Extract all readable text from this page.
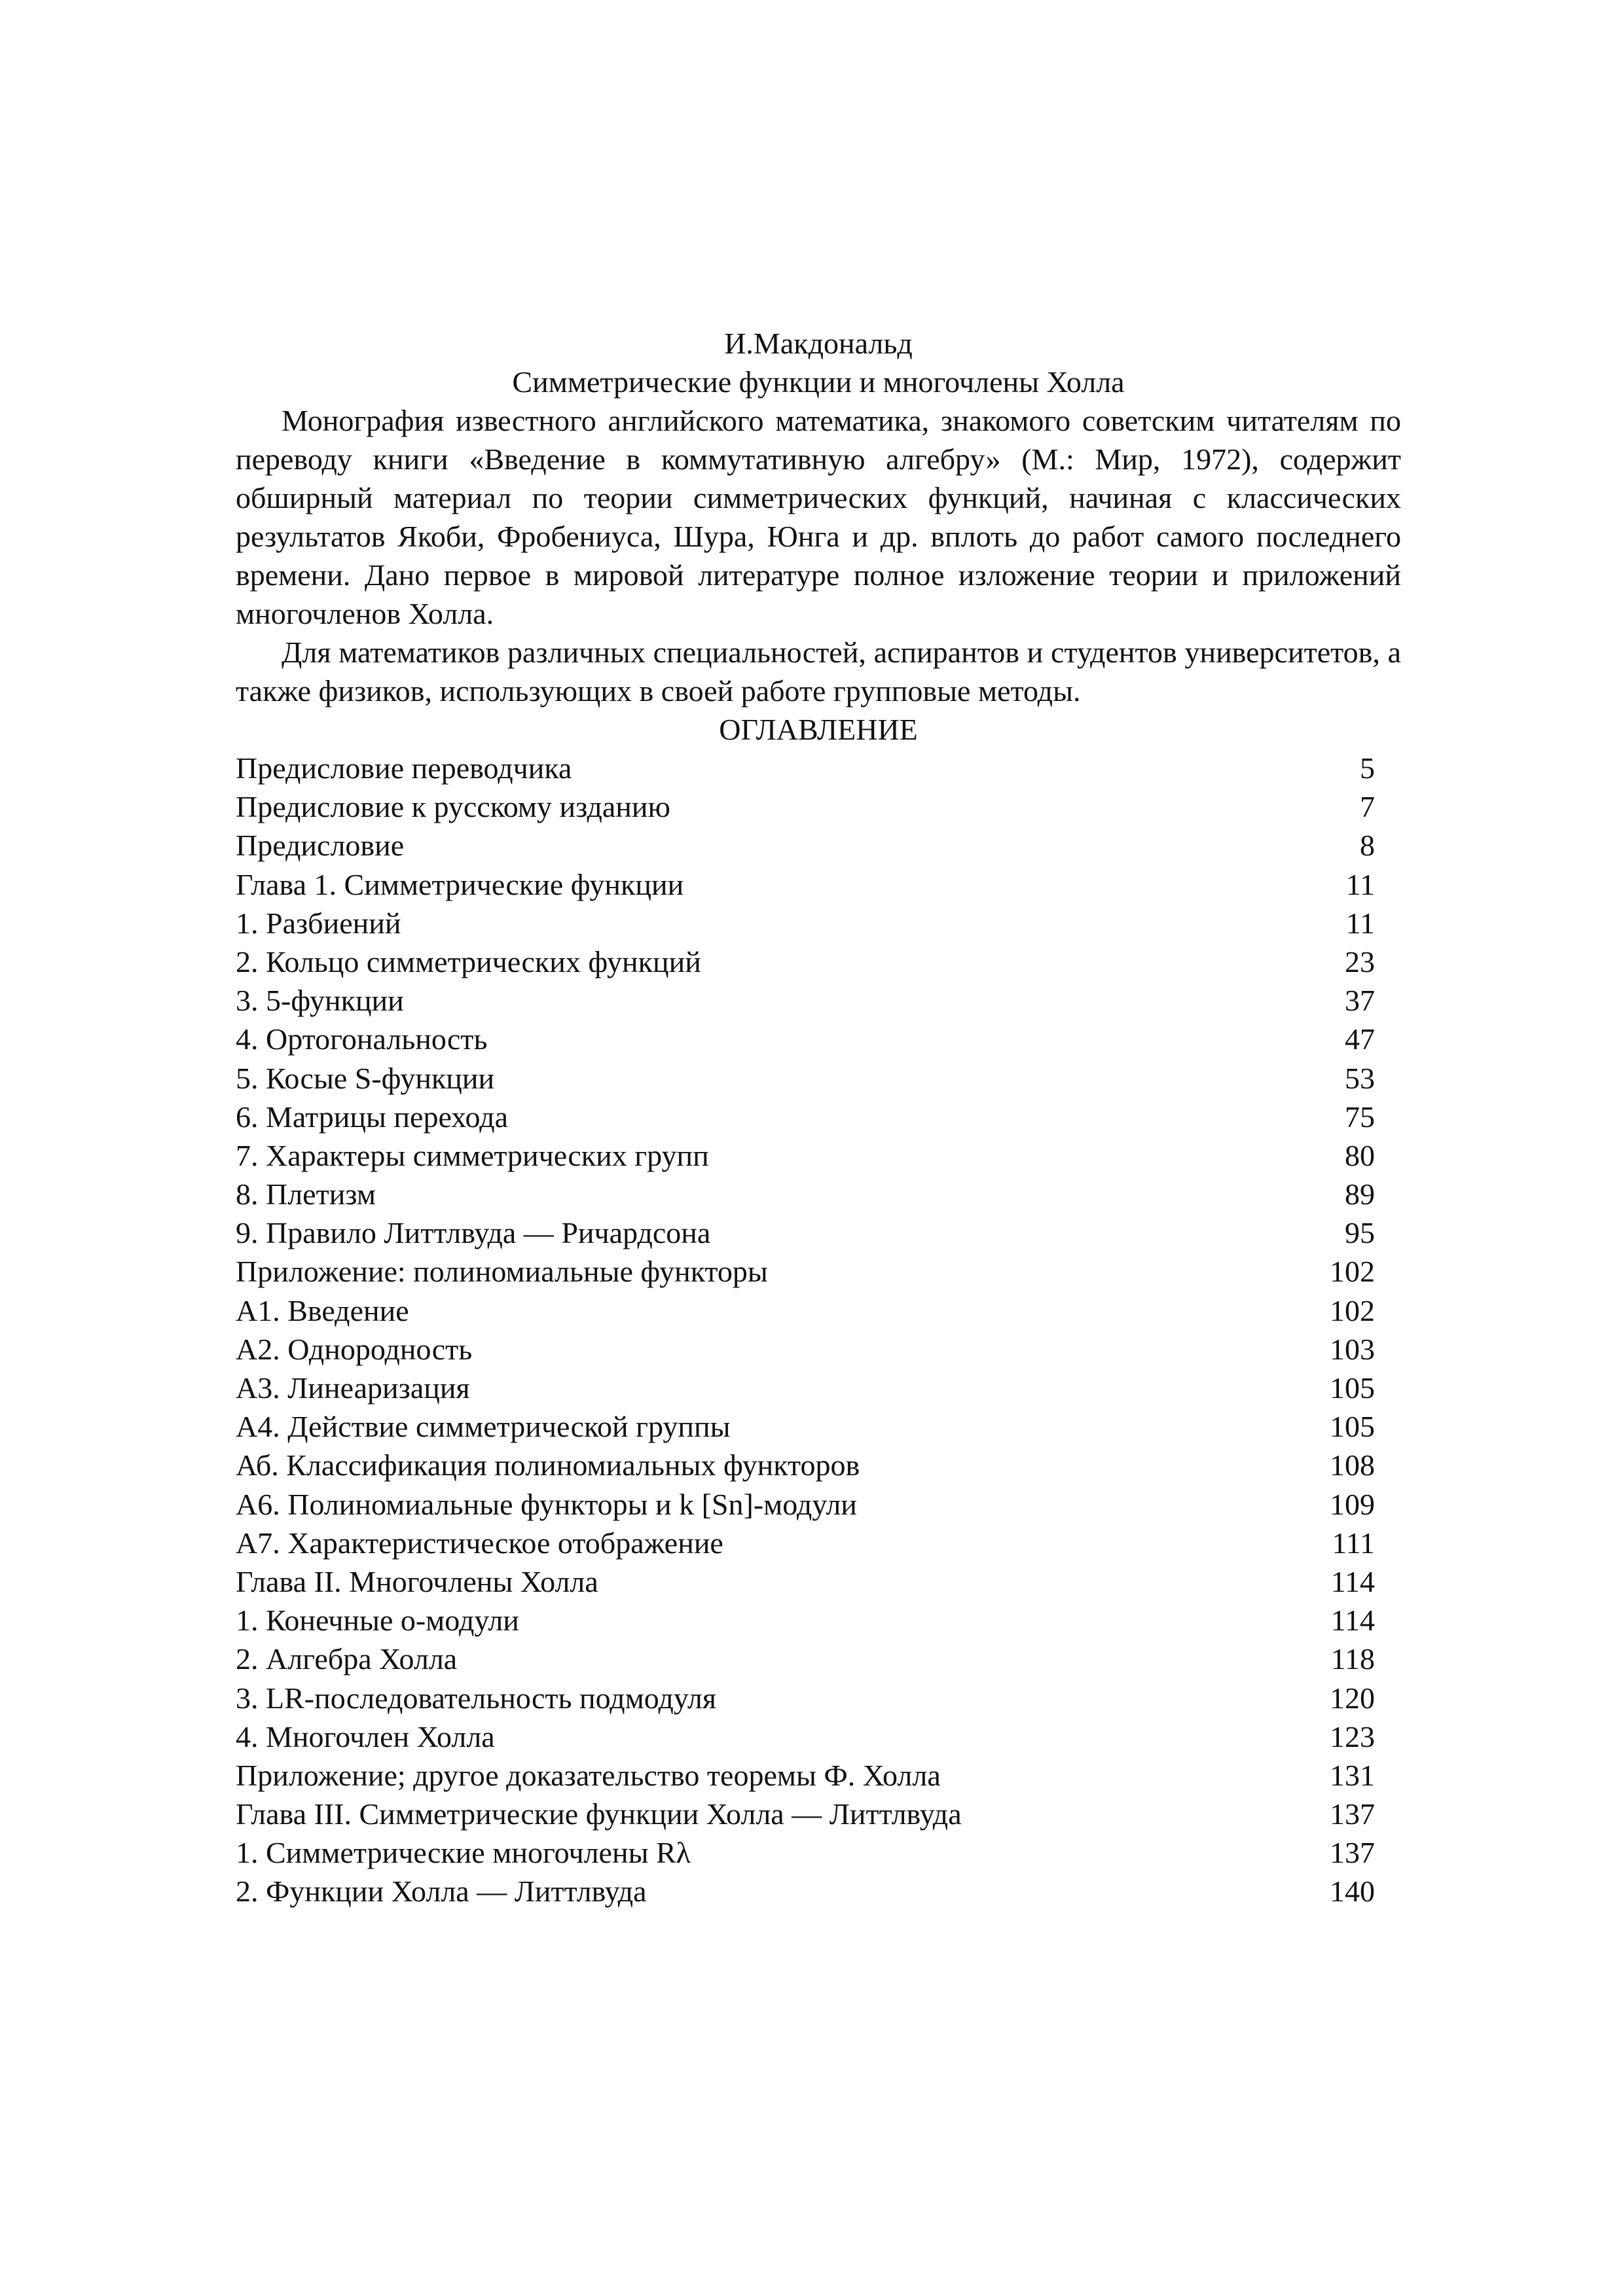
И.Макдональд
Симметрические функции и многочлены Холла

Монография известного английского математика, знакомого советским читателям по переводу книги «Введение в коммутативную алгебру» (М.: Мир, 1972), содержит обширный материал по теории симметрических функций, начиная с классических результатов Якоби, Фробениуса, Шура, Юнга и др. вплоть до работ самого последнего времени. Дано первое в мировой литературе полное изложение теории и приложений многочленов Холла.

Для математиков различных специальностей, аспирантов и студентов университетов, а также физиков, использующих в своей работе групповые методы.

ОГЛАВЛЕНИЕ
Предисловие переводчика	5
Предисловие к русскому изданию	7
Предисловие	8
Глава 1. Симметрические функции	11
1. Разбиений	11
2. Кольцо симметрических функций	23
3. 5-функции	37
4. Ортогональность	47
5. Косые S-функции	53
6. Матрицы перехода	75
7. Характеры симметрических групп	80
8. Плетизм	89
9. Правило Литтлвуда — Ричардсона	95
Приложение: полиномиальные функторы	102
А1. Введение	102
А2. Однородность	103
А3. Линеаризация	105
А4. Действие симметрической группы	105
Аб. Классификация полиномиальных функторов	108
А6. Полиномиальные функторы и k [Sn]-модули	109
А7. Характеристическое отображение	111
Глава II. Многочлены Холла	114
1. Конечные o-модули	114
2. Алгебра Холла	118
3. LR-последовательность подмодуля	120
4. Многочлен Холла	123
Приложение; другое доказательство теоремы Ф. Холла	131
Глава III. Симметрические функции Холла — Литтлвуда	137
1. Симметрические многочлены Rλ	137
2. Функции Холла — Литтлвуда	140
